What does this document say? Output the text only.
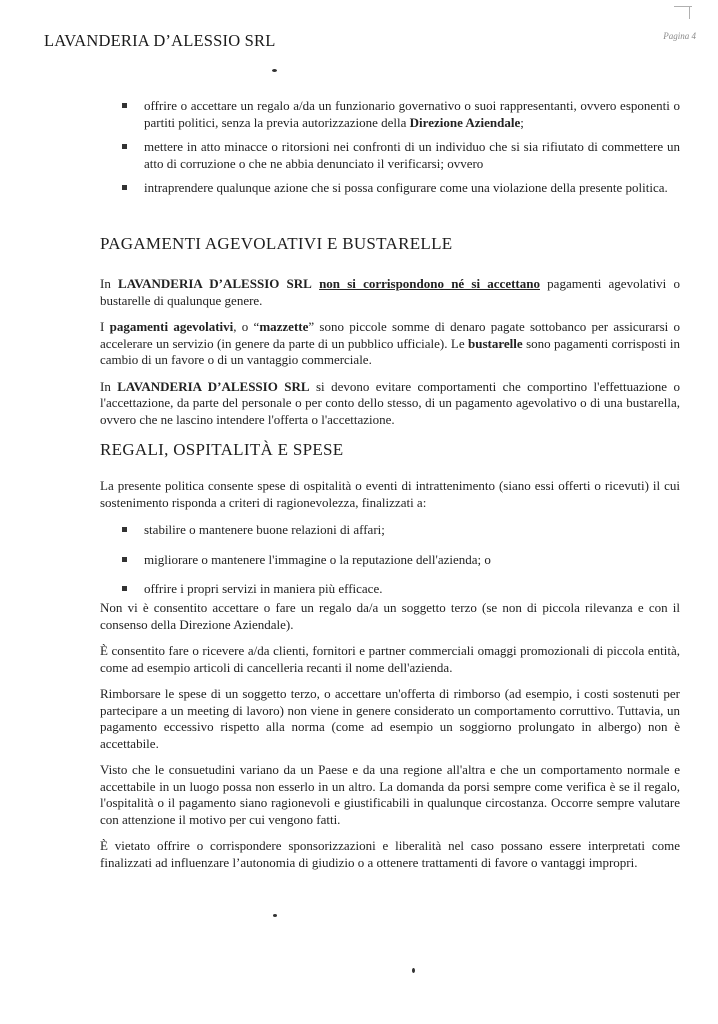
LAVANDERIA D’ALESSIO SRL	Pagina 4
offrire o accettare un regalo a/da un funzionario governativo o suoi rappresentanti, ovvero esponenti o partiti politici, senza la previa autorizzazione della Direzione Aziendale;
mettere in atto minacce o ritorsioni nei confronti di un individuo che si sia rifiutato di commettere un atto di corruzione o che ne abbia denunciato il verificarsi; ovvero
intraprendere qualunque azione che si possa configurare come una violazione della presente politica.
PAGAMENTI AGEVOLATIVI E BUSTARELLE

In LAVANDERIA D’ALESSIO SRL non si corrispondono né si accettano pagamenti agevolativi o bustarelle di qualunque genere.

I pagamenti agevolativi, o “mazzette” sono piccole somme di denaro pagate sottobanco per assicurarsi o accelerare un servizio (in genere da parte di un pubblico ufficiale). Le bustarelle sono pagamenti corrisposti in cambio di un favore o di un vantaggio commerciale.

In LAVANDERIA D’ALESSIO SRL si devono evitare comportamenti che comportino l'effettuazione o l'accettazione, da parte del personale o per conto dello stesso, di un pagamento agevolativo o di una bustarella, ovvero che ne lascino intendere l'offerta o l'accettazione.

REGALI, OSPITALITÀ E SPESE
La presente politica consente spese di ospitalità o eventi di intrattenimento (siano essi offerti o ricevuti) il cui sostenimento risponda a criteri di ragionevolezza, finalizzati a:
stabilire o mantenere buone relazioni di affari;
migliorare o mantenere l'immagine o la reputazione dell'azienda; o
offrire i propri servizi in maniera più efficace.

Non vi è consentito accettare o fare un regalo da/a un soggetto terzo (se non di piccola rilevanza e con il consenso della Direzione Aziendale).

È consentito fare o ricevere a/da clienti, fornitori e partner commerciali omaggi promozionali di piccola entità, come ad esempio articoli di cancelleria recanti il nome dell'azienda.

Rimborsare le spese di un soggetto terzo, o accettare un'offerta di rimborso (ad esempio, i costi sostenuti per partecipare a un meeting di lavoro) non viene in genere considerato un comportamento corruttivo. Tuttavia, un pagamento eccessivo rispetto alla norma (come ad esempio un soggiorno prolungato in albergo) non è accettabile.

Visto che le consuetudini variano da un Paese e da una regione all'altra e che un comportamento normale e accettabile in un luogo possa non esserlo in un altro. La domanda da porsi sempre come verifica è se il regalo, l'ospitalità o il pagamento siano ragionevoli e giustificabili in qualunque circostanza. Occorre sempre valutare con attenzione il motivo per cui vengono fatti.

È vietato offrire o corrispondere sponsorizzazioni e liberalità nel caso possano essere interpretati come finalizzati ad influenzare l’autonomia di giudizio o a ottenere trattamenti di favore o vantaggi impropri.
